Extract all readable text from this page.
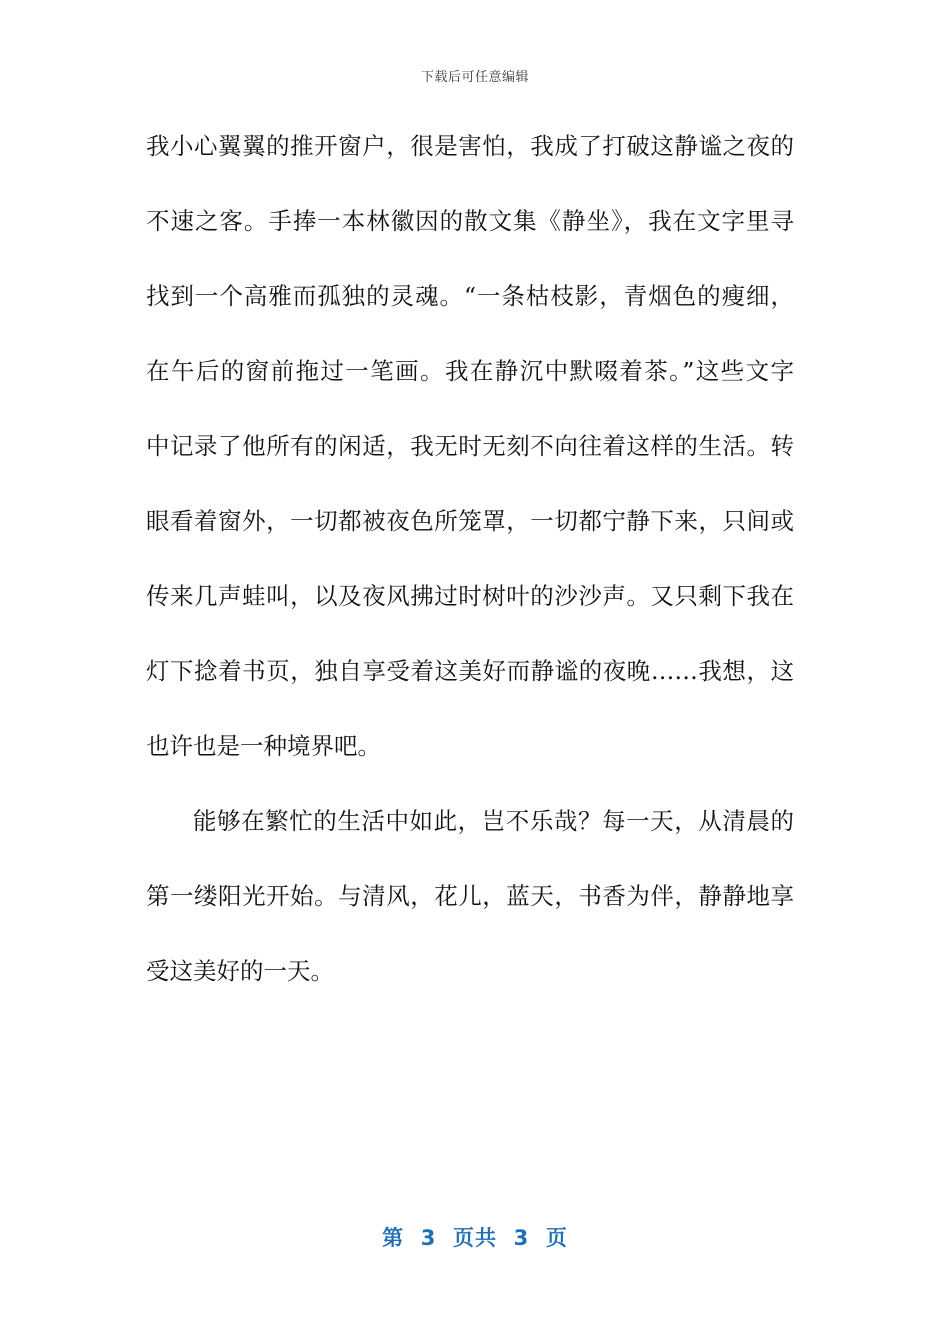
下载后可任意编辑
我小心翼翼的推开窗户，很是害怕，我成了打破这静谧之夜的
不速之客。手捧一本林徽因的散文集《静坐》，我在文字里寻
找到一个高雅而孤独的灵魂。“一条枯枝影，青烟色的瘦细，
在午后的窗前拖过一笔画。我在静沉中默啜着茶。”这些文字
中记录了他所有的闲适，我无时无刻不向往着这样的生活。转
眼看着窗外，一切都被夜色所笼罩，一切都宁静下来，只间或
传来几声蛙叫，以及夜风拂过时树叶的沙沙声。又只剩下我在
灯下捻着书页，独自享受着这美好而静谧的夜晚……我想，这
也许也是一种境界吧。
能够在繁忙的生活中如此，岂不乐哉？每一天，从清晨的
第一缕阳光开始。与清风，花儿，蓝天，书香为伴，静静地享
受这美好的一天。
第  3  页共  3  页
